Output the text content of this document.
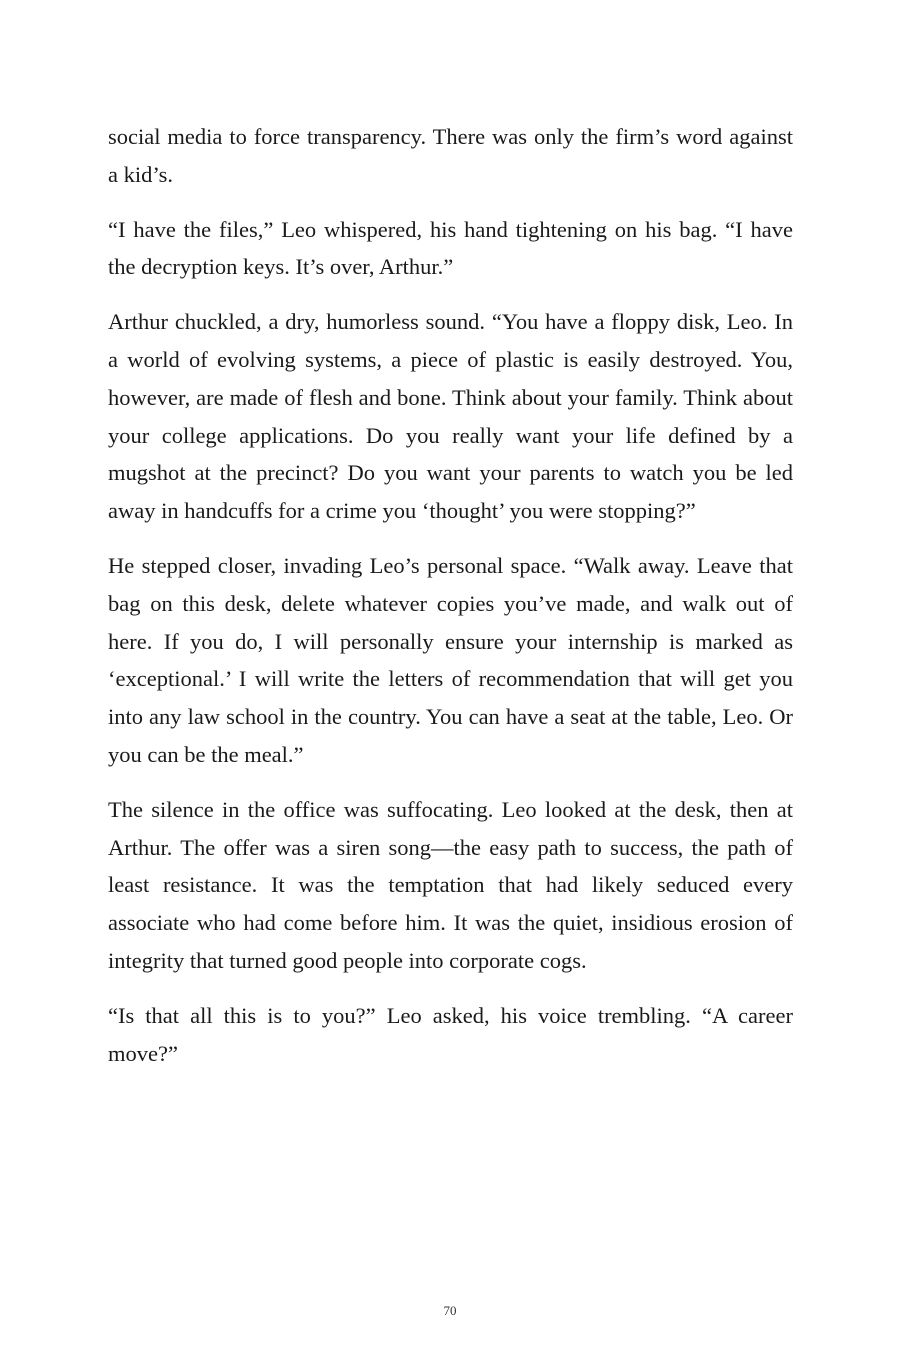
social media to force transparency. There was only the firm’s word against a kid’s.

“I have the files,” Leo whispered, his hand tightening on his bag. “I have the decryption keys. It’s over, Arthur.”

Arthur chuckled, a dry, humorless sound. “You have a floppy disk, Leo. In a world of evolving systems, a piece of plastic is easily destroyed. You, however, are made of flesh and bone. Think about your family. Think about your college applications. Do you really want your life defined by a mugshot at the precinct? Do you want your parents to watch you be led away in handcuffs for a crime you ‘thought’ you were stopping?”

He stepped closer, invading Leo’s personal space. “Walk away. Leave that bag on this desk, delete whatever copies you’ve made, and walk out of here. If you do, I will personally ensure your internship is marked as ‘exceptional.’ I will write the letters of recommendation that will get you into any law school in the country. You can have a seat at the table, Leo. Or you can be the meal.”

The silence in the office was suffocating. Leo looked at the desk, then at Arthur. The offer was a siren song—the easy path to success, the path of least resistance. It was the temptation that had likely seduced every associate who had come before him. It was the quiet, insidious erosion of integrity that turned good people into corporate cogs.

“Is that all this is to you?” Leo asked, his voice trembling. “A career move?”

70
